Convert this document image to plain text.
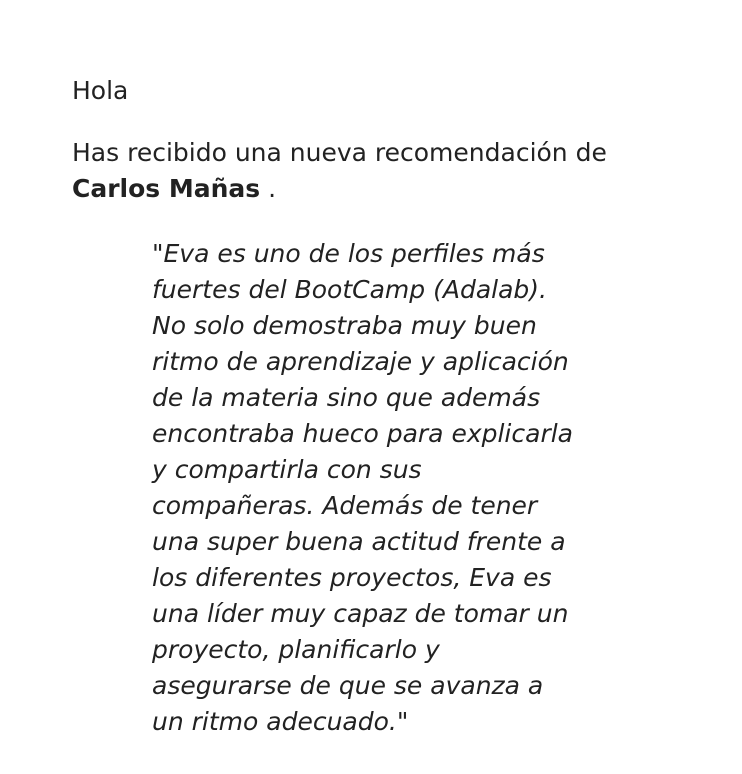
Hola

Has recibido una nueva recomendación de
Carlos Mañas .

"Eva es uno de los perfiles más
fuertes del BootCamp (Adalab).
No solo demostraba muy buen
ritmo de aprendizaje y aplicación
de la materia sino que además
encontraba hueco para explicarla
y compartirla con sus
compañeras. Además de tener
una super buena actitud frente a
los diferentes proyectos, Eva es
una líder muy capaz de tomar un
proyecto, planificarlo y
asegurarse de que se avanza a
un ritmo adecuado."
